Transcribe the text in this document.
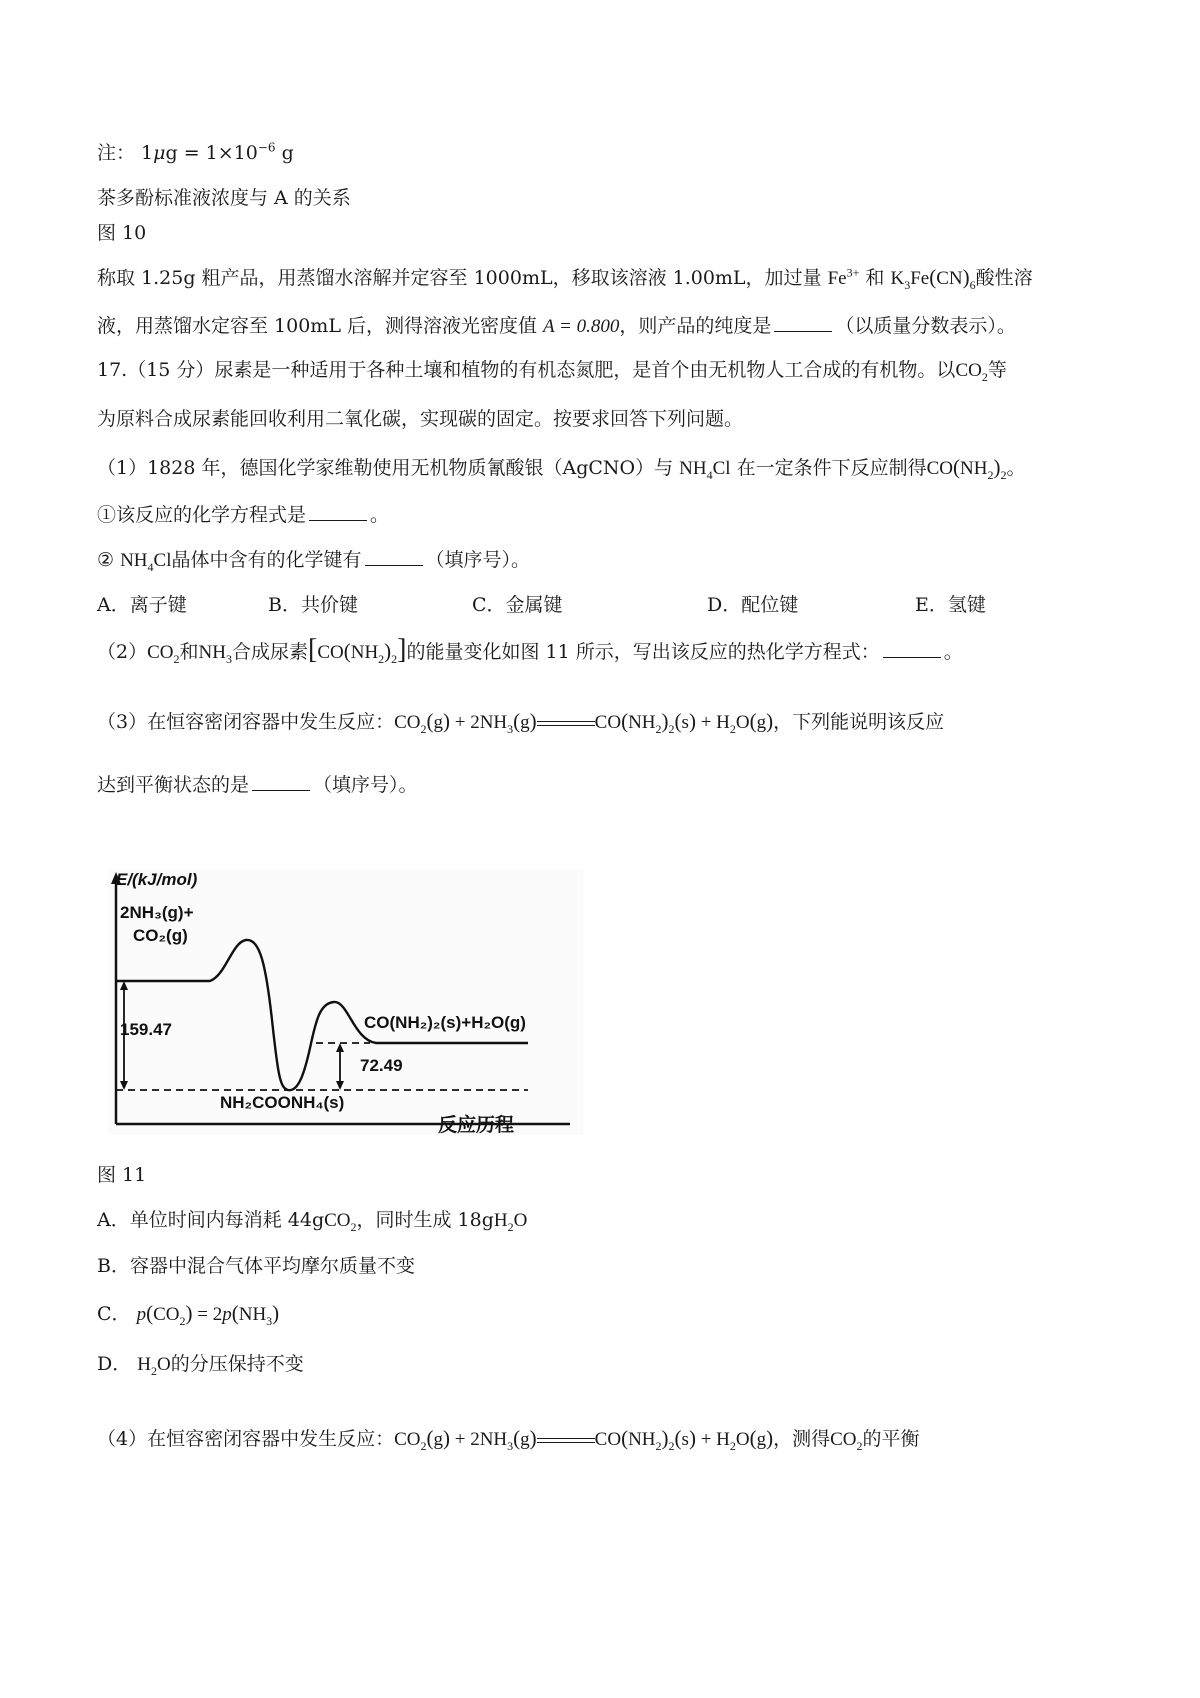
注： $1\mu g = 1\times 10^{-6}$ g
茶多酚标准液浓度与 A 的关系
图 10
称取 1.25g 粗产品，用蒸馏水溶解并定容至 1000mL，移取该溶液 1.00mL，加过量 $Fe^{3+}$ 和 $K_3Fe(CN)_6$酸性溶
液，用蒸馏水定容至 100mL 后，测得溶液光密度值 A = 0.800，则产品的纯度是	（以质量分数表示）。
17.（15 分）尿素是一种适用于各种土壤和植物的有机态氮肥，是首个由无机物人工合成的有机物。以$CO_2$等
为原料合成尿素能回收利用二氧化碳，实现碳的固定。按要求回答下列问题。
（1）1828 年，德国化学家维勒使用无机物质氰酸银（AgCNO）与 $NH_4Cl$ 在一定条件下反应制得$CO(NH_2)_2$。
①该反应的化学方程式是	。
② $NH_4Cl$晶体中含有的化学键有	（填序号）。
A．离子键	B．共价键	C．金属键	D．配位键	E．氢键
$(2)CO_2$和$NH_3$合成尿素$[CO(NH_2)_2]$的能量变化如图 11 所示，写出该反应的热化学方程式：	。
（3）在恒容密闭容器中发生反应：$CO_2(g) + 2NH_3(g)$	$CO(NH_2)_2(s) + H_2O(g)$，下列能说明该反应
达到平衡状态的是	（填序号）。
E/(kJ/mol)
2NH₃(g)+
CO₂(g)
159.47
72.49
CO(NH₂)₂(s)+H₂O(g)
NH₂COONH₄(s)
反应历程
图 11
A．单位时间内每消耗 44gCO$_2$，同时生成 $18gH_2O$
B．容器中混合气体平均摩尔质量不变
C． $p(CO_2) = 2p(NH_3)$
D． $H_2O$的分压保持不变
（4）在恒容密闭容器中发生反应：$CO_2(g) + 2NH_3(g)$	$CO(NH_2)_2(s) + H_2O(g)$，测得$CO_2$的平衡
